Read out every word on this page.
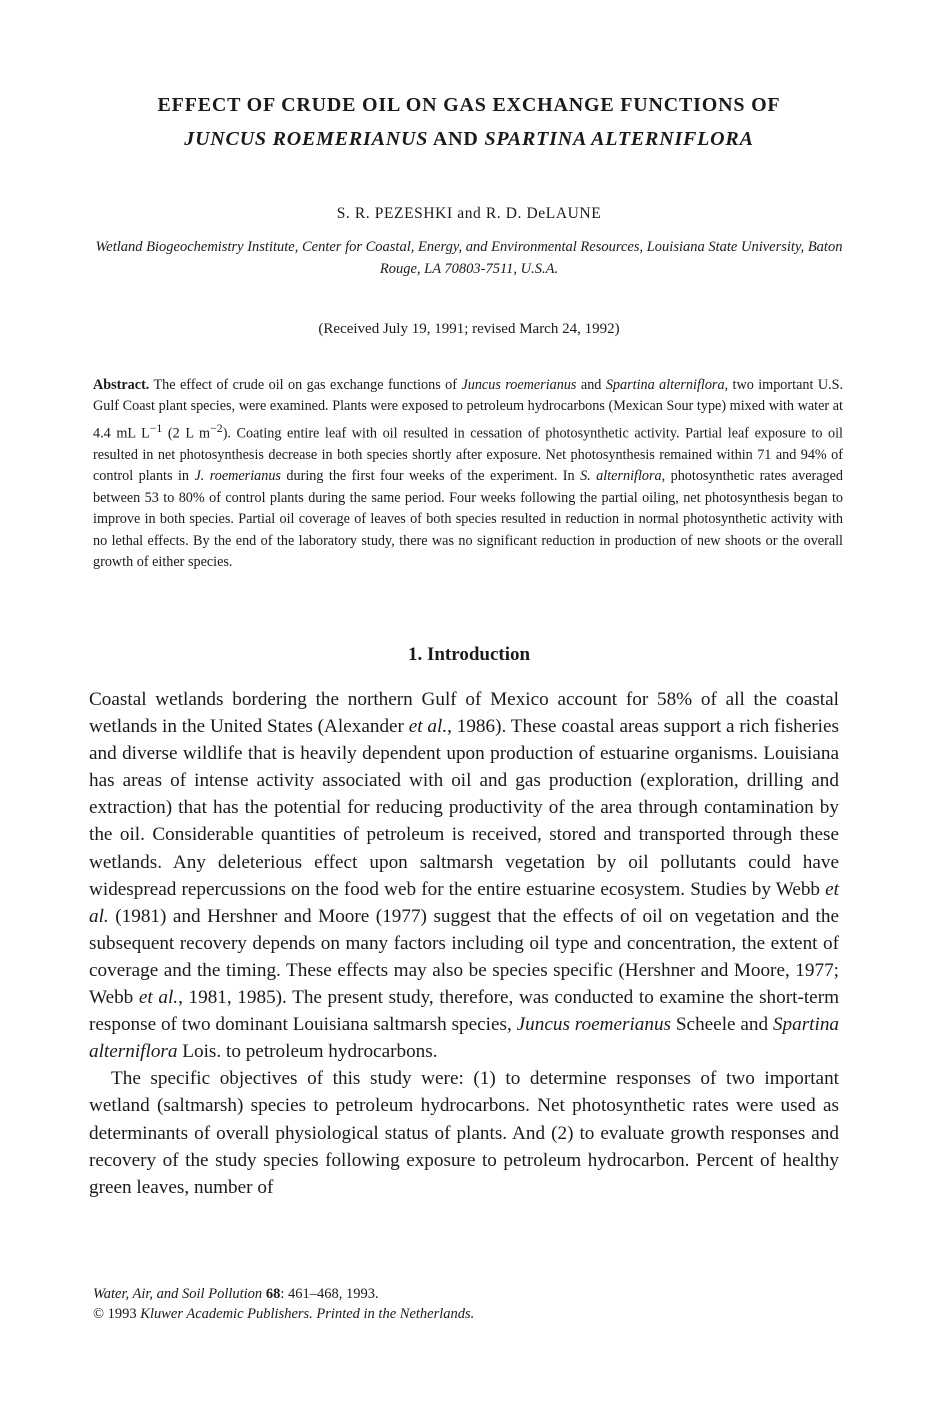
EFFECT OF CRUDE OIL ON GAS EXCHANGE FUNCTIONS OF
JUNCUS ROEMERIANUS AND SPARTINA ALTERNIFLORA
S. R. PEZESHKI and R. D. DeLAUNE
Wetland Biogeochemistry Institute, Center for Coastal, Energy, and Environmental Resources, Louisiana State University, Baton Rouge, LA 70803-7511, U.S.A.
(Received July 19, 1991; revised March 24, 1992)
Abstract. The effect of crude oil on gas exchange functions of Juncus roemerianus and Spartina alterniflora, two important U.S. Gulf Coast plant species, were examined. Plants were exposed to petroleum hydrocarbons (Mexican Sour type) mixed with water at 4.4 mL $L^{-1}$ (2 L $m^{-2}$). Coating entire leaf with oil resulted in cessation of photosynthetic activity. Partial leaf exposure to oil resulted in net photosynthesis decrease in both species shortly after exposure. Net photosynthesis remained within 71 and 94% of control plants in J. roemerianus during the first four weeks of the experiment. In S. alterniflora, photosynthetic rates averaged between 53 to 80% of control plants during the same period. Four weeks following the partial oiling, net photosynthesis began to improve in both species. Partial oil coverage of leaves of both species resulted in reduction in normal photosynthetic activity with no lethal effects. By the end of the laboratory study, there was no significant reduction in production of new shoots or the overall growth of either species.
1. Introduction

Coastal wetlands bordering the northern Gulf of Mexico account for 58% of all the coastal wetlands in the United States (Alexander et al., 1986). These coastal areas support a rich fisheries and diverse wildlife that is heavily dependent upon production of estuarine organisms. Louisiana has areas of intense activity associated with oil and gas production (exploration, drilling and extraction) that has the potential for reducing productivity of the area through contamination by the oil. Considerable quantities of petroleum is received, stored and transported through these wetlands. Any deleterious effect upon saltmarsh vegetation by oil pollutants could have widespread repercussions on the food web for the entire estuarine ecosystem. Studies by Webb et al. (1981) and Hershner and Moore (1977) suggest that the effects of oil on vegetation and the subsequent recovery depends on many factors including oil type and concentration, the extent of coverage and the timing. These effects may also be species specific (Hershner and Moore, 1977; Webb et al., 1981, 1985). The present study, therefore, was conducted to examine the short-term response of two dominant Louisiana saltmarsh species, Juncus roemerianus Scheele and Spartina alterniflora Lois. to petroleum hydrocarbons.

The specific objectives of this study were: (1) to determine responses of two important wetland (saltmarsh) species to petroleum hydrocarbons. Net photosynthetic rates were used as determinants of overall physiological status of plants. And (2) to evaluate growth responses and recovery of the study species following exposure to petroleum hydrocarbon. Percent of healthy green leaves, number of

Water, Air, and Soil Pollution 68: 461–468, 1993.
© 1993 Kluwer Academic Publishers. Printed in the Netherlands.
